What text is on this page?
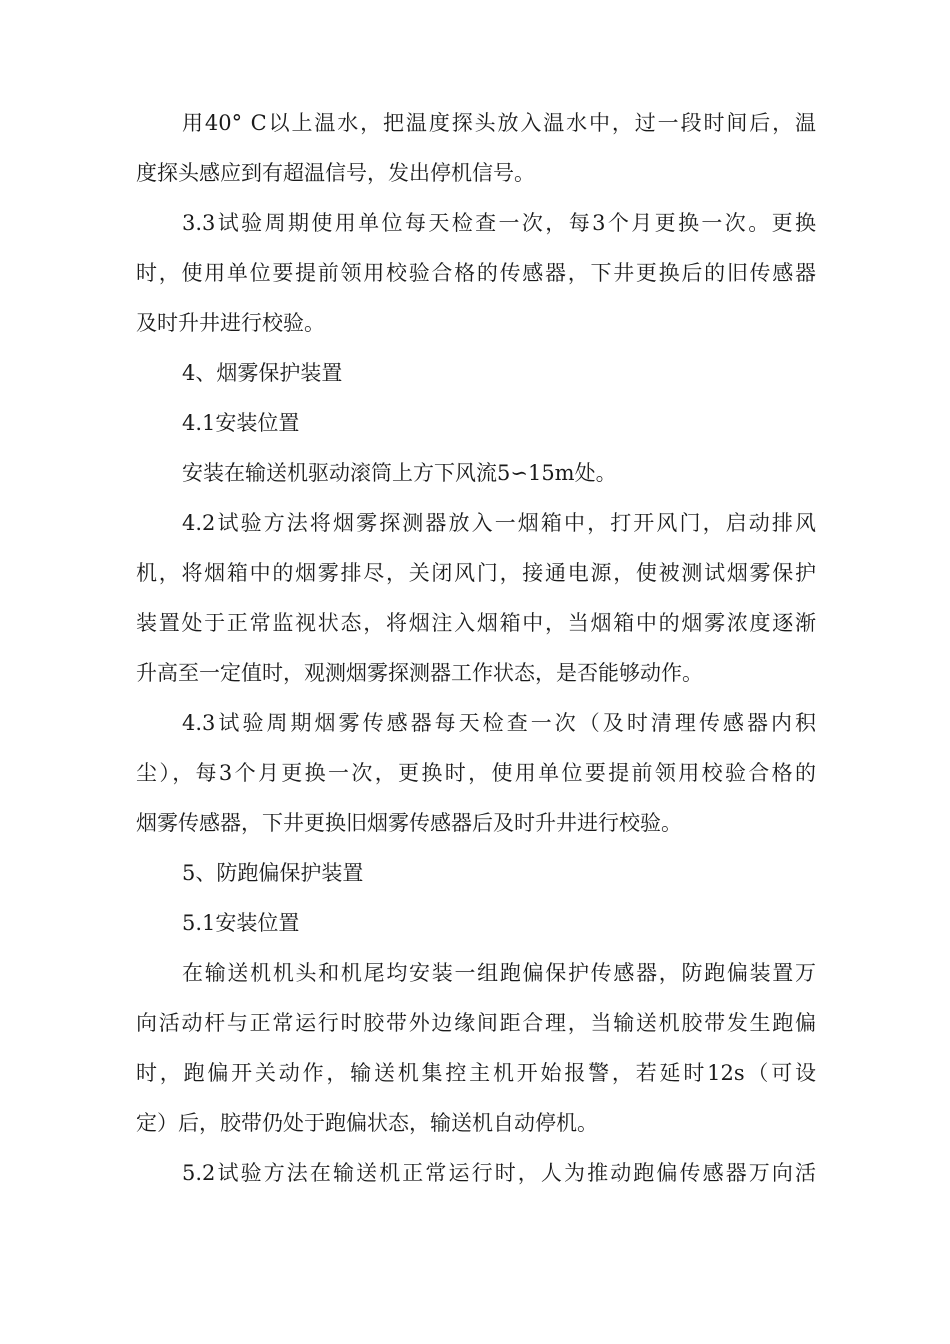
用40° C以上温水，把温度探头放入温水中，过一段时间后，温
度探头感应到有超温信号，发出停机信号。
3.3试验周期使用单位每天检查一次，每3个月更换一次。更换
时，使用单位要提前领用校验合格的传感器，下井更换后的旧传感器
及时升井进行校验。
4、烟雾保护装置
4.1安装位置
安装在输送机驱动滚筒上方下风流5∽15m处。
4.2试验方法将烟雾探测器放入一烟箱中，打开风门，启动排风
机，将烟箱中的烟雾排尽，关闭风门，接通电源，使被测试烟雾保护
装置处于正常监视状态，将烟注入烟箱中，当烟箱中的烟雾浓度逐渐
升高至一定值时，观测烟雾探测器工作状态，是否能够动作。
4.3试验周期烟雾传感器每天检查一次（及时清理传感器内积
尘），每3个月更换一次，更换时，使用单位要提前领用校验合格的
烟雾传感器，下井更换旧烟雾传感器后及时升井进行校验。
5、防跑偏保护装置
5.1安装位置
在输送机机头和机尾均安装一组跑偏保护传感器，防跑偏装置万
向活动杆与正常运行时胶带外边缘间距合理，当输送机胶带发生跑偏
时，跑偏开关动作，输送机集控主机开始报警，若延时12s（可设
定）后，胶带仍处于跑偏状态，输送机自动停机。
5.2试验方法在输送机正常运行时，人为推动跑偏传感器万向活
